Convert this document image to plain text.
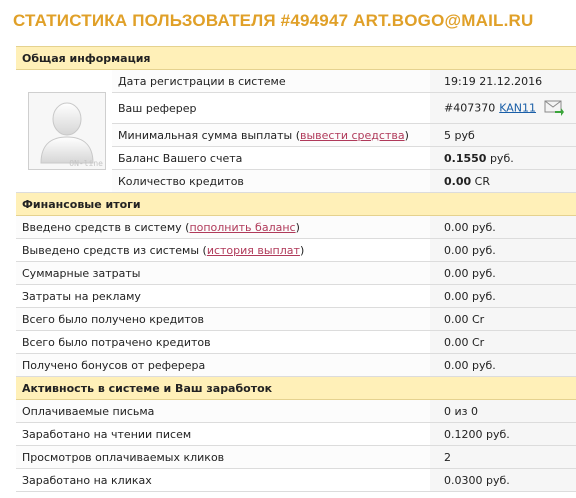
СТАТИСТИКА ПОЛЬЗОВАТЕЛЯ #494947 ART.BOGO@MAIL.RU
Общая информация		

ON-line	Дата регистрации в системе	19:19 21.12.2016
	Ваш реферер	#407370 KAN11
	Минимальная сумма выплаты (вывести средства)	5 руб
	Баланс Вашего счета	0.1550 руб.
	Количество кредитов	0.00 CR
Финансовые итоги		
Введено средств в систему (пополнить баланс)		0.00 руб.
Выведено средств из системы (история выплат)		0.00 руб.
Суммарные затраты		0.00 руб.
Затраты на рекламу		0.00 руб.
Всего было получено кредитов		0.00 Cr
Всего было потрачено кредитов		0.00 Cr
Получено бонусов от реферера		0.00 руб.
Активность в системе и Ваш заработок		
Оплачиваемые письма		0 из 0
Заработано на чтении писем		0.1200 руб.
Просмотров оплачиваемых кликов		2
Заработано на кликах		0.0300 руб.
